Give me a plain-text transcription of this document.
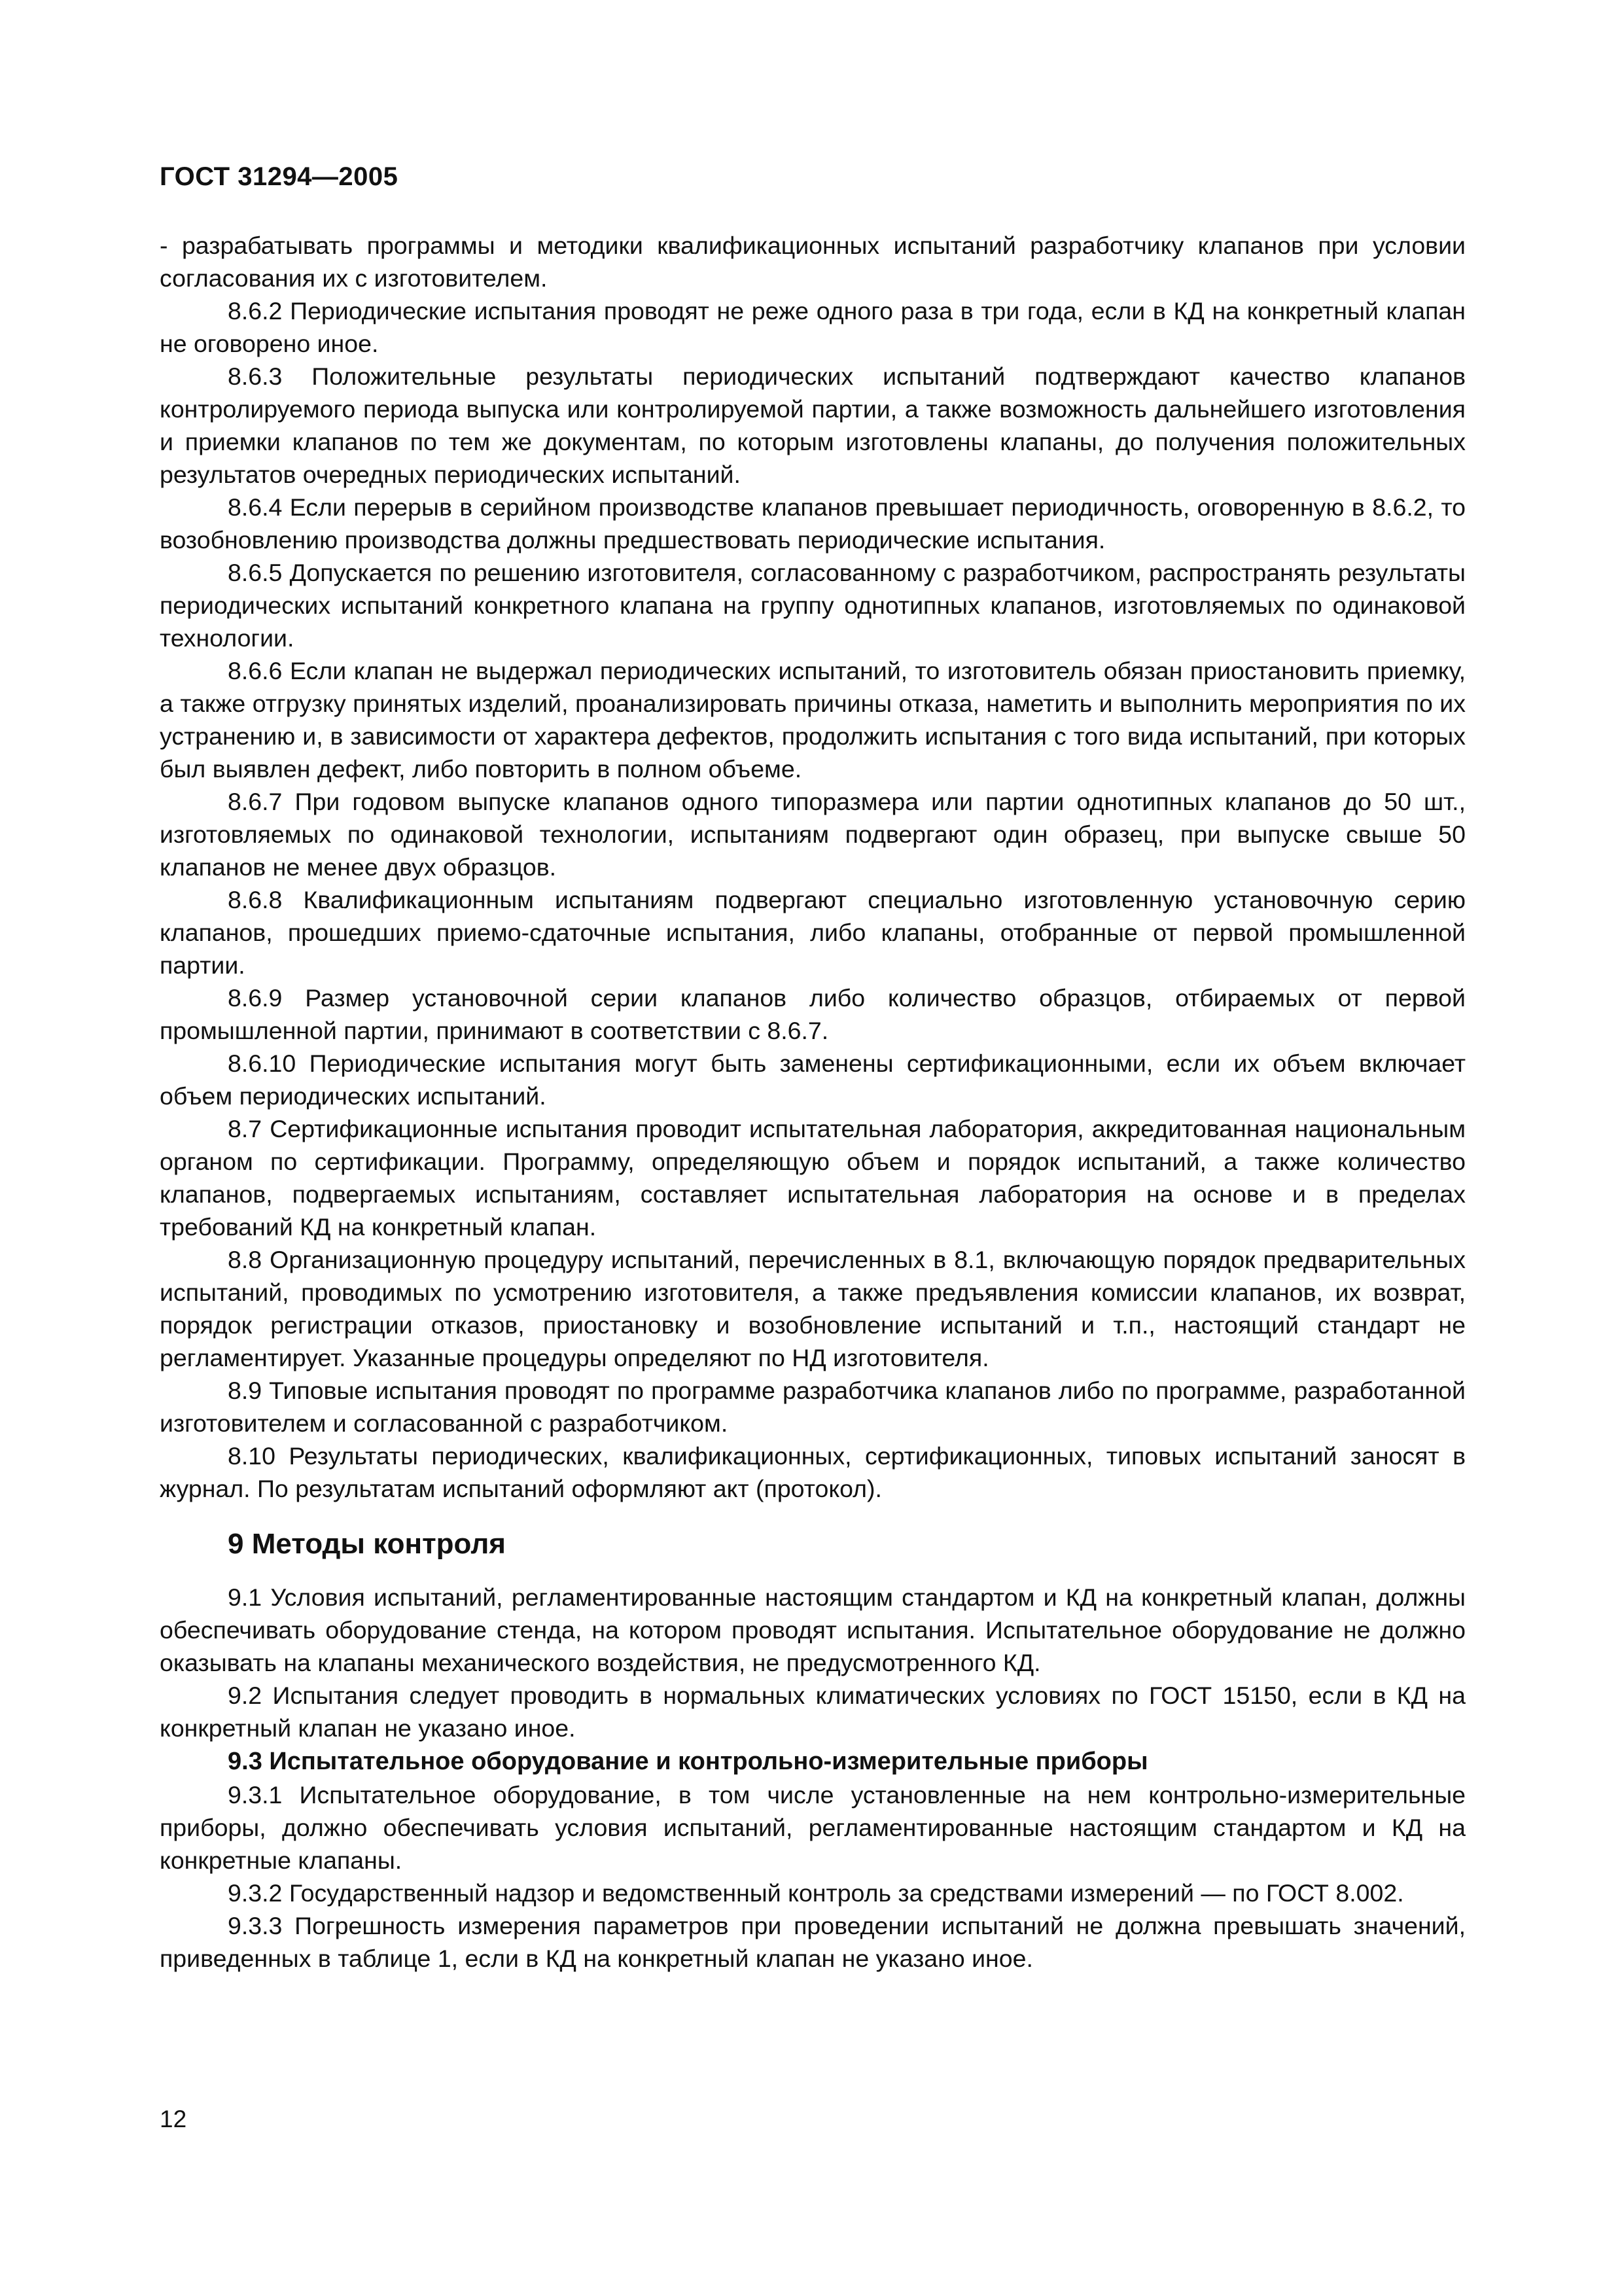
ГОСТ 31294—2005

- разрабатывать программы и методики квалификационных испытаний разработчику клапанов при условии согласования их с изготовителем.

8.6.2 Периодические испытания проводят не реже одного раза в три года, если в КД на конкретный клапан не оговорено иное.

8.6.3 Положительные результаты периодических испытаний подтверждают качество клапанов контролируемого периода выпуска или контролируемой партии, а также возможность дальнейшего изготовления и приемки клапанов по тем же документам, по которым изготовлены клапаны, до получения положительных результатов очередных периодических испытаний.

8.6.4 Если перерыв в серийном производстве клапанов превышает периодичность, оговоренную в 8.6.2, то возобновлению производства должны предшествовать периодические испытания.

8.6.5 Допускается по решению изготовителя, согласованному с разработчиком, распространять результаты периодических испытаний конкретного клапана на группу однотипных клапанов, изготовляемых по одинаковой технологии.

8.6.6 Если клапан не выдержал периодических испытаний, то изготовитель обязан приостановить приемку, а также отгрузку принятых изделий, проанализировать причины отказа, наметить и выполнить мероприятия по их устранению и, в зависимости от характера дефектов, продолжить испытания с того вида испытаний, при которых был выявлен дефект, либо повторить в полном объеме.

8.6.7 При годовом выпуске клапанов одного типоразмера или партии однотипных клапанов до 50 шт., изготовляемых по одинаковой технологии, испытаниям подвергают один образец, при выпуске свыше 50 клапанов не менее двух образцов.

8.6.8 Квалификационным испытаниям подвергают специально изготовленную установочную серию клапанов, прошедших приемо-сдаточные испытания, либо клапаны, отобранные от первой промышленной партии.

8.6.9 Размер установочной серии клапанов либо количество образцов, отбираемых от первой промышленной партии, принимают в соответствии с 8.6.7.

8.6.10 Периодические испытания могут быть заменены сертификационными, если их объем включает объем периодических испытаний.

8.7 Сертификационные испытания проводит испытательная лаборатория, аккредитованная национальным органом по сертификации. Программу, определяющую объем и порядок испытаний, а также количество клапанов, подвергаемых испытаниям, составляет испытательная лаборатория на основе и в пределах требований КД на конкретный клапан.

8.8 Организационную процедуру испытаний, перечисленных в 8.1, включающую порядок предварительных испытаний, проводимых по усмотрению изготовителя, а также предъявления комиссии клапанов, их возврат, порядок регистрации отказов, приостановку и возобновление испытаний и т.п., настоящий стандарт не регламентирует. Указанные процедуры определяют по НД изготовителя.

8.9 Типовые испытания проводят по программе разработчика клапанов либо по программе, разработанной изготовителем и согласованной с разработчиком.

8.10 Результаты периодических, квалификационных, сертификационных, типовых испытаний заносят в журнал. По результатам испытаний оформляют акт (протокол).

9 Методы контроля

9.1 Условия испытаний, регламентированные настоящим стандартом и КД на конкретный клапан, должны обеспечивать оборудование стенда, на котором проводят испытания. Испытательное оборудование не должно оказывать на клапаны механического воздействия, не предусмотренного КД.

9.2 Испытания следует проводить в нормальных климатических условиях по ГОСТ 15150, если в КД на конкретный клапан не указано иное.

9.3 Испытательное оборудование и контрольно-измерительные приборы

9.3.1 Испытательное оборудование, в том числе установленные на нем контрольно-измерительные приборы, должно обеспечивать условия испытаний, регламентированные настоящим стандартом и КД на конкретные клапаны.

9.3.2 Государственный надзор и ведомственный контроль за средствами измерений — по ГОСТ 8.002.

9.3.3 Погрешность измерения параметров при проведении испытаний не должна превышать значений, приведенных в таблице 1, если в КД на конкретный клапан не указано иное.

12
